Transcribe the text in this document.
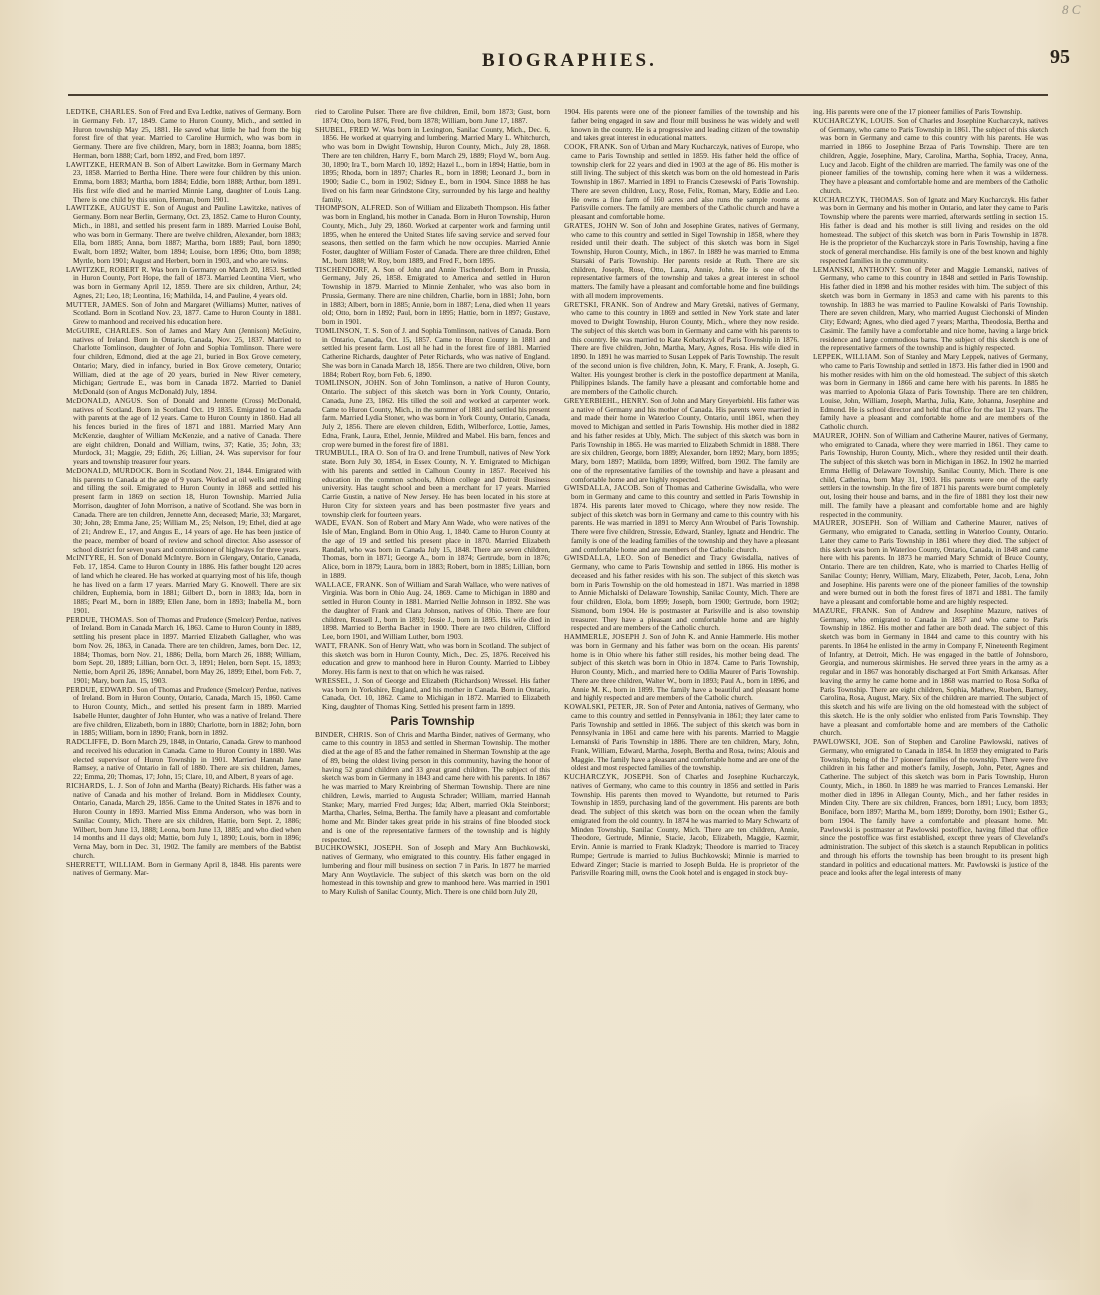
BIOGRAPHIES.	95
8 C

LEDTKE, CHARLES. Son of Fred and Eva Ledtke, natives of Germany. Born in Germany Feb. 17, 1849. Came to Huron County, Mich., and settled in Huron township May 25, 1881. He saved what little he had from the big forest fire of that year. Married to Caroline Hurmich, who was born in Germany. There are five children, Mary, born in 1883; Joanna, born 1885; Herman, born 1888; Carl, born 1892, and Fred, born 1897.

LAWITZKE, HERMAN B. Son of Albert Lawitzke. Born in Germany March 23, 1858. Married to Bertha Hine. There were four children by this union. Emma, born 1883; Martha, born 1884; Eddie, born 1888; Arthur, born 1891. His first wife died and he married Minnie Lang, daughter of Louis Lang. There is one child by this union, Herman, born 1901.

LAWITZKE, AUGUST E. Son of August and Pauline Lawitzke, natives of Germany. Born near Berlin, Germany, Oct. 23, 1852. Came to Huron County, Mich., in 1881, and settled his present farm in 1889. Married Louise Bohl, who was born in Germany. There are twelve children, Alexander, born 1883; Ella, born 1885; Anna, born 1887; Martha, born 1889; Paul, born 1890; Ewalt, born 1892; Walter, born 1894; Louise, born 1896; Otto, born 1898; Myrtle, born 1901; August and Herbert, born in 1903, and who are twins.

LAWITZKE, ROBERT R. Was born in Germany on March 20, 1853. Settled in Huron County, Port Hope, the fall of 1873. Married Leontina Viert, who was born in Germany April 12, 1859. There are six children, Arthur, 24; Agnes, 21; Leo, 18; Leontina, 16; Mathilda, 14, and Pauline, 4 years old.

MUTTER, JAMES. Son of John and Margaret (Williams) Mutter, natives of Scotland. Born in Scotland Nov. 23, 1877. Came to Huron County in 1881. Grew to manhood and received his education here.

McGUIRE, CHARLES. Son of James and Mary Ann (Jennison) McGuire, natives of Ireland. Born in Ontario, Canada, Nov. 25, 1837. Married to Charlotte Tomlinson, daughter of John and Sophia Tomlinson. There were four children, Edmond, died at the age 21, buried in Box Grove cemetery, Ontario; Mary, died in infancy, buried in Box Grove cemetery, Ontario; William, died at the age of 20 years, buried in New River cemetery, Michigan; Gertrude E., was born in Canada 1872. Married to Daniel McDonald (son of Angus McDonald) July, 1894.

McDONALD, ANGUS. Son of Donald and Jennette (Cross) McDonald, natives of Scotland. Born in Scotland Oct. 19 1835. Emigrated to Canada with parents at the age of 12 years. Came to Huron County in 1860. Had all his fences buried in the fires of 1871 and 1881. Married Mary Ann McKenzie, daughter of William McKenzie, and a native of Canada. There are eight children, Donald and William, twins, 37; Katie, 35; John, 33; Murdock, 31; Maggie, 29; Edith, 26; Lillian, 24. Was supervisor for four years and township treasurer four years.

McDONALD, MURDOCK. Born in Scotland Nov. 21, 1844. Emigrated with his parents to Canada at the age of 9 years. Worked at oil wells and milling and tilling the soil. Emigrated to Huron County in 1868 and settled his present farm in 1869 on section 18, Huron Township. Married Julia Morrison, daughter of John Morrison, a native of Scotland. She was born in Canada. There are ten children, Jennette Ann, deceased; Marie, 33; Margaret, 30; John, 28; Emma Jane, 25; William M., 25; Nelson, 19; Ethel, died at age of 21; Andrew E., 17, and Angus E., 14 years of age. He has been justice of the peace, member of board of review and school director. Also assessor of school district for seven years and commissioner of highways for three years.

McINTYRE, H. Son of Donald McIntyre. Born in Glengary, Ontario, Canada, Feb. 17, 1854. Came to Huron County in 1886. His father bought 120 acres of land which he cleared. He has worked at quarrying most of his life, though he has lived on a farm 17 years. Married Mary G. Knowell. There are six children, Euphemia, born in 1881; Gilbert D., born in 1883; Ida, born in 1885; Pearl M., born in 1889; Ellen Jane, born in 1893; Inabella M., born 1901.

PERDUE, THOMAS. Son of Thomas and Prudence (Smelcer) Perdue, natives of Ireland. Born in Canada March 16, 1863. Came to Huron County in 1889, settling his present place in 1897. Married Elizabeth Gallagher, who was born Nov. 26, 1863, in Canada. There are ten children, James, born Dec. 12, 1884; Thomas, born Nov. 21, 1886; Della, born March 26, 1888; William, born Sept. 20, 1889; Lillian, born Oct. 3, 1891; Helen, born Sept. 15, 1893; Nettie, born April 26, 1896; Annabel, born May 26, 1899; Ethel, born Feb. 7, 1901; Mary, born Jan. 15, 1903.

PERDUE, EDWARD. Son of Thomas and Prudence (Smelcer) Perdue, natives of Ireland. Born in Huron County, Ontario, Canada, March 15, 1860. Came to Huron County, Mich., and settled his present farm in 1889. Married Isabelle Hunter, daughter of John Hunter, who was a native of Ireland. There are five children, Elizabeth, born in 1880; Charlotte, born in 1882; John, born in 1885; William, born in 1890; Frank, born in 1892.

RADCLIFFE, D. Born March 29, 1848, in Ontario, Canada. Grew to manhood and received his education in Canada. Came to Huron County in 1880. Was elected supervisor of Huron Township in 1901. Married Hannah Jane Ramsey, a native of Ontario in fall of 1880. There are six children, James, 22; Emma, 20; Thomas, 17; John, 15; Clare, 10, and Albert, 8 years of age.

RICHARDS, L. J. Son of John and Martha (Beaty) Richards. His father was a native of Canada and his mother of Ireland. Born in Middlesex County, Ontario, Canada, March 29, 1856. Came to the United States in 1876 and to Huron County in 1893. Married Miss Emma Anderson, who was born in Sanilac County, Mich. There are six children, Hattie, born Sept. 2, 1886; Wilbert, born June 13, 1888; Leona, born June 13, 1885; and who died when 14 months and 11 days old; Mattie, born July 1, 1890; Louis, born in 1896; Verna May, born in Dec. 31, 1902. The family are members of the Babtist church.

SHERRETT, WILLIAM. Born in Germany April 8, 1848. His parents were natives of Germany. Mar-

ried to Caroline Pulser. There are five children, Emil, born 1873; Gust, born 1874; Otto, born 1876, Fred, born 1878; William, born June 17, 1887.

SHUBEL, FRED W. Was born in Lexington, Sanilac County, Mich., Dec. 6, 1856. He worked at quarrying and lumbering. Married Mary L. Whitchurch, who was born in Dwight Township, Huron County, Mich., July 28, 1868. There are ten children, Harry F., born March 29, 1889; Floyd W., born Aug. 30, 1890; Ira T., born March 10, 1892; Hazel L., born in 1894; Hattie, born in 1895; Rhoda, born in 1897; Charles R., born in 1898; Leonard J., born in 1900; Sadie C., born in 1902; Sidney E., born in 1904. Since 1888 he has lived on his farm near Grindstone City, surrounded by his large and healthy family.

THOMPSON, ALFRED. Son of William and Elizabeth Thompson. His father was born in England, his mother in Canada. Born in Huron Township, Huron County, Mich., July 29, 1860. Worked at carpenter work and farming until 1895, when he entered the United States life saving service and served four seasons, then settled on the farm which he now occupies. Married Annie Foster, daughter of William Foster of Canada. There are three children, Ethel M., born 1888; W. Roy, born 1889, and Fred F., born 1895.

TISCHENDORF, A. Son of John and Annie Tischendorf. Born in Prussia, Germany, July 26, 1858. Emigrated to America and settled in Huron Township in 1879. Married to Minnie Zenhaler, who was also born in Prussia, Germany. There are nine children, Charlie, born in 1881; John, born in 1883; Albert, born in 1885; Annie, born in 1887; Lena, died when 11 years old; Otto, born in 1892; Paul, born in 1895; Hattie, born in 1897; Gustave, born in 1901.

TOMLINSON, T. S. Son of J. and Sophia Tomlinson, natives of Canada. Born in Ontario, Canada, Oct. 15, 1857. Came to Huron County in 1881 and settled his present farm. Lost all he had in the forest fire of 1881. Married Catherine Richards, daughter of Peter Richards, who was native of England. She was born in Canada March 18, 1856. There are two children, Olive, born 1884; Robert Roy, born Feb. 6, 1890.

TOMLINSON, JOHN. Son of John Tomlinson, a native of Huron County, Ontario. The subject of this sketch was born in York County, Ontario, Canada, June 23, 1862. His tilled the soil and worked at carpenter work. Came to Huron County, Mich., in the summer of 1881 and settled his present farm. Married Lydia Stoner, who was born in York County, Ontario, Canada, July 2, 1856. There are eleven children, Edith, Wilberforce, Lottie, James, Edna, Frank, Laura, Ethel, Jennie, Mildred and Mabel. His barn, fences and crop were burned in the forest fire of 1881.

TRUMBULL, IRA O. Son of Ira O. and Irene Trumbull, natives of New York state. Born July 30, 1854, in Essex County, N. Y. Emigrated to Michigan with his parents and settled in Calhoun County in 1857. Received his education in the common schools, Albion college and Detroit Business university. Has taught school and been a merchant for 17 years. Married Carrie Gustin, a native of New Jersey. He has been located in his store at Huron City for sixteen years and has been postmaster five years and township clerk for fourteen years.

WADE, EVAN. Son of Robert and Mary Ann Wade, who were natives of the Isle of Man, England. Born in Ohio Aug. 1, 1840. Came to Huron County at the age of 19 and settled his present place in 1870. Married Elizabeth Randall, who was born in Canada July 15, 1848. There are seven children, Thomas, born in 1871; George A., born in 1874; Gertrude, born in 1876; Alice, born in 1879; Laura, born in 1883; Robert, born in 1885; Lillian, born in 1889.

WALLACE, FRANK. Son of William and Sarah Wallace, who were natives of Virginia. Was born in Ohio Aug. 24, 1869. Came to Michigan in 1880 and settled in Huron County in 1881. Married Nellie Johnson in 1892. She was the daughter of Frank and Clara Johnson, natives of Ohio. There are four children, Russell J., born in 1893; Jessie J., born in 1895. His wife died in 1898. Married to Bertha Bacher in 1900. There are two children, Clifford Lee, born 1901, and William Luther, born 1903.

WATT, FRANK. Son of Henry Watt, who was born in Scotland. The subject of this sketch was born in Huron County, Mich., Dec. 25, 1876. Received his education and grew to manhood here in Huron County. Married to Libbey Morey. His farm is next to that on which he was raised.

WRESSEL, J. Son of George and Elizabeth (Richardson) Wressel. His father was born in Yorkshire, England, and his mother in Canada. Born in Ontario, Canada, Oct. 10, 1862. Came to Michigan in 1872. Married to Elizabeth King, daughter of Thomas King. Settled his present farm in 1899.

Paris Township

BINDER, CHRIS. Son of Chris and Martha Binder, natives of Germany, who came to this country in 1853 and settled in Sherman Township. The mother died at the age of 85 and the father remained in Sherman Township at the age of 89, being the oldest living person in this community, having the honor of having 52 grand children and 33 great grand children. The subject of this sketch was born in Germany in 1843 and came here with his parents. In 1867 he was married to Mary Kreinbring of Sherman Township. There are nine children, Lewis, married to Augusta Schrader; William, married Hannah Stanke; Mary, married Fred Jurges; Ida; Albert, married Okla Steinborst; Martha, Charles, Selma, Bertha. The family have a pleasant and comfortable home and Mr. Binder takes great pride in his strains of fine blooded stock and is one of the representative farmers of the township and is highly respected.

BUCHKOWSKI, JOSEPH. Son of Joseph and Mary Ann Buchkowski, natives of Germany, who emigrated to this country. His father engaged in lumbering and flour mill business on section 7 in Paris. In 1877 he married Mary Ann Woytlavicle. The subject of this sketch was born on the old homestead in this township and grew to manhood here. Was married in 1901 to Mary Kulish of Sanilac County, Mich. There is one child born July 20,

1904. His parents were one of the pioneer families of the township and his father being engaged in saw and flour mill business he was widely and well known in the county. He is a progressive and leading citizen of the township and takes great interest in educational matters.

COOK, FRANK. Son of Urban and Mary Kucharczyk, natives of Europe, who came to Paris Township and settled in 1859. His father held the office of township clerk for 22 years and died in 1903 at the age of 86. His mother is still living. The subject of this sketch was born on the old homestead in Paris Township in 1867. Married in 1891 to Francis Czesewski of Paris Township. There are seven children, Lucy, Rose, Felix, Roman, Mary, Eddie and Leo. He owns a fine farm of 160 acres and also runs the sample rooms at Parisville corners. The family are members of the Catholic church and have a pleasant and comfortable home.

GRATES, JOHN W. Son of John and Josephine Grates, natives of Germany, who came to this country and settled in Sigel Township in 1858, where they resided until their death. The subject of this sketch was born in Sigel Township, Huron County, Mich., in 1867. In 1889 he was married to Emma Starsaki of Paris Township. Her parents reside at Ruth. There are six children, Joseph, Rose, Otto, Laura, Annie, John. He is one of the representative farmers of the township and takes a great interest in school matters. The family have a pleasant and comfortable home and fine buildings with all modern improvements.

GRETSKI, FRANK. Son of Andrew and Mary Gretski, natives of Germany, who came to this country in 1869 and settled in New York state and later moved to Dwight Township, Huron County, Mich., where they now reside. The subject of this sketch was born in Germany and came with his parents to this country. He was married to Kate Kobarkzyk of Paris Township in 1876. There are five children, John, Martha, Mary, Agnes, Rosa. His wife died in 1890. In 1891 he was married to Susan Leppek of Paris Township. The result of the second union is five children, John, K. Mary, F. Frank, A. Joseph, G. Walter. His youngest brother is clerk in the postoffice department at Manila, Philippines Islands. The family have a pleasant and comfortable home and are members of the Catholic church.

GREYERBIEHL, HENRY. Son of John and Mary Greyerbiehl. His father was a native of Germany and his mother of Canada. His parents were married in and made their home in Waterloo County, Ontario, until 1861, when they moved to Michigan and settled in Paris Township. His mother died in 1882 and his father resides at Ubly, Mich. The subject of this sketch was born in Paris Township in 1865. He was married to Elizabeth Schmidt in 1888. There are six children, George, born 1889; Alexander, born 1892; Mary, born 1895; Mary, born 1897; Matilda, born 1899; Wilfred, born 1902. The family are one of the representative families of the township and have a pleasant and comfortable home and are highly respected.

GWISDALLA, JACOB. Son of Thomas and Catherine Gwisdalla, who were born in Germany and came to this country and settled in Paris Township in 1874. His parents later moved to Chicago, where they now reside. The subject of this sketch was born in Germany and came to this country with his parents. He was married in 1891 to Mercy Ann Wroubel of Paris Township. There were five children, Stressie, Edward, Stanley, Ignatz and Hendric. The family is one of the leading families of the township and they have a pleasant and comfortable home and are members of the Catholic church.

GWISDALLA, LEO. Son of Benedict and Tracy Gwisdalla, natives of Germany, who came to Paris Township and settled in 1866. His mother is deceased and his father resides with his son. The subject of this sketch was born in Paris Township on the old homestead in 1871. Was married in 1898 to Annie Michalski of Delaware Township, Sanilac County, Mich. There are four children, Elola, born 1899; Joseph, born 1900; Gertrude, born 1902; Sismond, born 1904. He is postmaster at Parisville and is also township treasurer. They have a pleasant and comfortable home and are highly respected and are members of the Catholic church.

HAMMERLE, JOSEPH J. Son of John K. and Annie Hammerle. His mother was born in Germany and his father was born on the ocean. His parents' home is in Ohio where his father still resides, his mother being dead. The subject of this sketch was born in Ohio in 1874. Came to Paris Township, Huron County, Mich., and married here to Odilia Maurer of Paris Township. There are three children, Walter W., born in 1893; Paul A., born in 1896, and Annie M. K., born in 1899. The family have a beautiful and pleasant home and highly respected and are members of the Catholic church.

KOWALSKI, PETER, JR. Son of Peter and Antonia, natives of Germany, who came to this country and settled in Pennsylvania in 1861; they later came to Paris Township and settled in 1866. The subject of this sketch was born in Pennsylvania in 1861 and came here with his parents. Married to Maggie Lemanski of Paris Township in 1886. There are ten children, Mary, John, Frank, William, Edward, Martha, Joseph, Bertha and Rosa, twins; Alouis and Maggie. The family have a pleasant and comfortable home and are one of the oldest and most respected families of the township.

KUCHARCZYK, JOSEPH. Son of Charles and Josephine Kucharczyk, natives of Germany, who came to this country in 1856 and settled in Paris Township. His parents then moved to Wyandotte, but returned to Paris Township in 1859, purchasing land of the government. His parents are both dead. The subject of this sketch was born on the ocean when the family emigrated from the old country. In 1874 he was married to Mary Schwartz of Minden Township, Sanilac County, Mich. There are ten children, Annie, Theodore, Gertrude, Minnie, Stacie, Jacob, Elizabeth, Maggie, Kazmir, Ervin. Annie is married to Frank Kladzyk; Theodore is married to Tracey Rumpe; Gertrude is married to Julius Buchkowski; Minnie is married to Edward Zinger; Stacie is married to Joseph Bulda. He is proprietor of the Parisville Roaring mill, owns the Cook hotel and is engaged in stock buy-

ing. His parents were one of the 17 pioneer families of Paris Township.

KUCHARCZYK, LOUIS. Son of Charles and Josephine Kucharczyk, natives of Germany, who came to Paris Township in 1861. The subject of this sketch was born in Germany and came to this country with his parents. He was married in 1866 to Josephine Brzaa of Paris Township. There are ten children, Aggie, Josephine, Mary, Carolina, Martha, Sophia, Tracey, Anna, Lucy and Jacob. Eight of the children are married. The family was one of the pioneer families of the township, coming here when it was a wilderness. They have a pleasant and comfortable home and are members of the Catholic church.

KUCHARCZYK, THOMAS. Son of Ignatz and Mary Kucharczyk. His father was born in Germany and his mother in Ontario, and later they came to Paris Township where the parents were married, afterwards settling in section 15. His father is dead and his mother is still living and resides on the old homestead. The subject of this sketch was born in Paris Township in 1878. He is the proprietor of the Kucharczyk store in Paris Township, having a fine stock of general merchandise. His family is one of the best known and highly respected families in the community.

LEMANSKI, ANTHONY. Son of Peter and Maggie Lemanski, natives of Germany, who came to this country in 1848 and settled in Paris Township. His father died in 1898 and his mother resides with him. The subject of this sketch was born in Germany in 1853 and came with his parents to this township. In 1883 he was married to Pauline Kowalski of Paris Township. There are seven children, Mary, who married August Ciechonski of Minden City; Edward; Agnes, who died aged 7 years; Martha, Theodosia, Bertha and Casimir. The family have a comfortable and nice home, having a large brick residence and large commodious barns. The subject of this sketch is one of the representative farmers of the township and is highly respected.

LEPPEK, WILLIAM. Son of Stanley and Mary Leppek, natives of Germany, who came to Paris Township and settled in 1873. His father died in 1900 and his mother resides with him on the old homestead. The subject of this sketch was born in Germany in 1866 and came here with his parents. In 1885 he was married to Apolonia Glaza of Paris Township. There are ten children, Louise, John, William, Joseph, Martha, Julia, Kate, Johanna, Josephine and Edmond. He is school director and held that office for the last 12 years. The family have a pleasant and comfortable home and are members of the Catholic church.

MAURER, JOHN. Son of William and Catherine Maurer, natives of Germany, who emigrated to Canada, where they were married in 1861. They came to Paris Township, Huron County, Mich., where they resided until their death. The subject of this sketch was born in Michigan in 1862. In 1902 he married Emma Hellig of Delaware Township, Sanilac County, Mich. There is one child, Catherina, born May 31, 1903. His parents were one of the early settlers in the township. In the fire of 1871 his parents were burnt completely out, losing their house and barns, and in the fire of 1881 they lost their new mill. The family have a pleasant and comfortable home and are highly respected in the community.

MAURER, JOSEPH. Son of William and Catherine Maurer, natives of Germany, who emigrated to Canada, settling in Waterloo County, Ontario. Later they came to Paris Township in 1861 where they died. The subject of this sketch was born in Waterloo County, Ontario, Canada, in 1848 and came here with his parents. In 1873 he married Mary Schmidt of Bruce County, Ontario. There are ten children, Kate, who is married to Charles Hellig of Sanilac County; Henry, William, Mary, Elizabeth, Peter, Jacob, Lena, John and Josephine. His parents were one of the pioneer families of the township and were burned out in both the forest fires of 1871 and 1881. The family have a pleasant and comfortable home and are highly respected.

MAZURE, FRANK. Son of Andrew and Josephine Mazure, natives of Germany, who emigrated to Canada in 1857 and who came to Paris Township in 1862. His mother and father are both dead. The subject of this sketch was born in Germany in 1844 and came to this country with his parents. In 1864 he enlisted in the army in Company F, Nineteenth Regiment of Infantry, at Detroit, Mich. He was engaged in the battle of Johnsboro, Georgia, and numerous skirmishes. He served three years in the army as a regular and in 1867 was honorably discharged at Fort Smith Arkansas. After leaving the army he came home and in 1868 was married to Rosa Sofka of Paris Township. There are eight children, Sophia, Mathew, Rueben, Barney, Carolina, Rosa, August, Mary. Six of the children are married. The subject of this sketch and his wife are living on the old homestead with the subject of this sketch. He is the only soldier who enlisted from Paris Township. They have a pleasant and comfortable home and are members of the Catholic church.

PAWLOWSKI, JOE. Son of Stephen and Caroline Pawlowski, natives of Germany, who emigrated to Canada in 1854. In 1859 they emigrated to Paris Township, being of the 17 pioneer families of the township. There were five children in his father and mother's family, Joseph, John, Peter, Agnes and Catherine. The subject of this sketch was born in Paris Township, Huron County, Mich., in 1860. In 1889 he was married to Frances Lemanski. Her mother died in 1896 in Allegan County, Mich., and her father resides in Minden City. There are six children, Frances, born 1891; Lucy, born 1893; Boniface, born 1897; Martha M., born 1899; Dorothy, born 1901; Esther G., born 1904. The family have a comfortable and pleasant home. Mr. Pawlowski is postmaster at Pawlowski postoffice, having filled that office since the postoffice was first established, except three years of Cleveland's administration. The subject of this sketch is a staunch Republican in politics and through his efforts the township has been brought to its present high standard in politics and educational matters. Mr. Pawlowski is justice of the peace and looks after the legal interests of many
